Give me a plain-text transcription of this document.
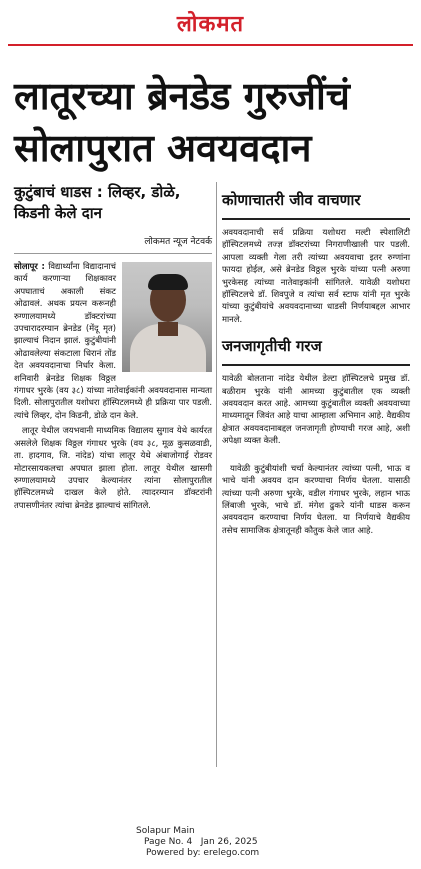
लोकमत
लातूरच्या ब्रेनडेड गुरुजींचं सोलापुरात अवयवदान
कुटुंबाचं धाडस : लिव्हर, डोळे, किडनी केले दान
लोकमत न्यूज नेटवर्क

सोलापूर : विद्यार्थ्यांना विद्यादानाचं कार्य करणाऱ्या शिक्षकावर अपघाताचं अकाली संकट ओढावलं. अथक प्रयत्न करूनही रुग्णालयामध्ये डॉक्टरांच्या उपचारादरम्यान ब्रेनडेड (मेंदू मृत) झाल्याचं निदान झालं. कुटुंबीयांनी ओढावलेल्या संकटाला धिरानं तोंड देत अवयवदानाचा निर्धार केला. शनिवारी ब्रेनडेड शिक्षक विठ्ठल गंगाधर भुरके (वय ३८) यांच्या नातेवाईकांनी अवयवदानास मान्यता दिली. सोलापुरातील यशोधरा हॉस्पिटलमध्ये ही प्रक्रिया पार पडली. त्यांचे लिव्हर, दोन किडनी, डोळे दान केले.

लातूर येथील जयभवानी माध्यमिक विद्यालय सुगाव येथे कार्यरत असलेले शिक्षक विठ्ठल गंगाधर भुरके (वय ३८, मूळ कुसळवाडी, ता. हादगाव, जि. नांदेड) यांचा लातूर येथे अंबाजोगाई रोडवर मोटारसायकलचा अपघात झाला होता. लातूर येथील खासगी रुग्णालयामध्ये उपचार केल्यानंतर त्यांना सोलापुरातील हॉस्पिटलमध्ये दाखल केले होते. त्यादरम्यान डॉक्टरांनी तपासणीनंतर त्यांचा ब्रेनडेड झाल्याचं सांगितले.

कोणाचातरी जीव वाचणार

अवयवदानाची सर्व प्रक्रिया यशोधरा मल्टी स्पेशालिटी हॉस्पिटलमध्ये तज्ज्ञ डॉक्टरांच्या निगराणीखाली पार पडली. आपला व्यक्ती गेला तरी त्यांच्या अवयवाचा इतर रुग्णांना फायदा होईल, असे ब्रेनडेड विठ्ठल भुरके यांच्या पत्नी अरुणा भुरकेसह त्यांच्या नातेवाइकांनी सांगितले. यावेळी यशोधरा हॉस्पिटलचे डॉ. शिवपुजे व त्यांचा सर्व स्टाफ यांनी मृत भुरके यांच्या कुटुंबीयांचे अवयवदानाच्या धाडसी निर्णयाबद्दल आभार मानले.

जनजागृतीची गरज

यावेळी बोलताना नांदेड येथील डेल्टा हॉस्पिटलचे प्रमुख डॉ. बळीराम भुरके यांनी आमच्या कुटुंबातील एक व्यक्ती अवयवदान करत आहे. आमच्या कुटुंबातील व्यक्ती अवयवाच्या माध्यमातून जिवंत आहे याचा आम्हाला अभिमान आहे. वैद्यकीय क्षेत्रात अवयवदानाबद्दल जनजागृती होण्याची गरज आहे, अशी अपेक्षा व्यक्त केली.

यावेळी कुटुंबीयांशी चर्चा केल्यानंतर त्यांच्या पत्नी, भाऊ व भाचे यांनी अवयव दान करण्याचा निर्णय घेतला. यासाठी त्यांच्या पत्नी अरुणा भुरके, वडील गंगाधर भुरके, लहान भाऊ लिंबाजी भुरके, भाचे डॉ. मंगेश ढुकरे यांनी धाडस करून अवयवदान करण्याचा निर्णय घेतला. या निर्णयाचे वैद्यकीय तसेच सामाजिक क्षेत्रातूनही कौतुक केले जात आहे.

Solapur Main
Page No. 4 Jan 26, 2025
Powered by: erelego.com
